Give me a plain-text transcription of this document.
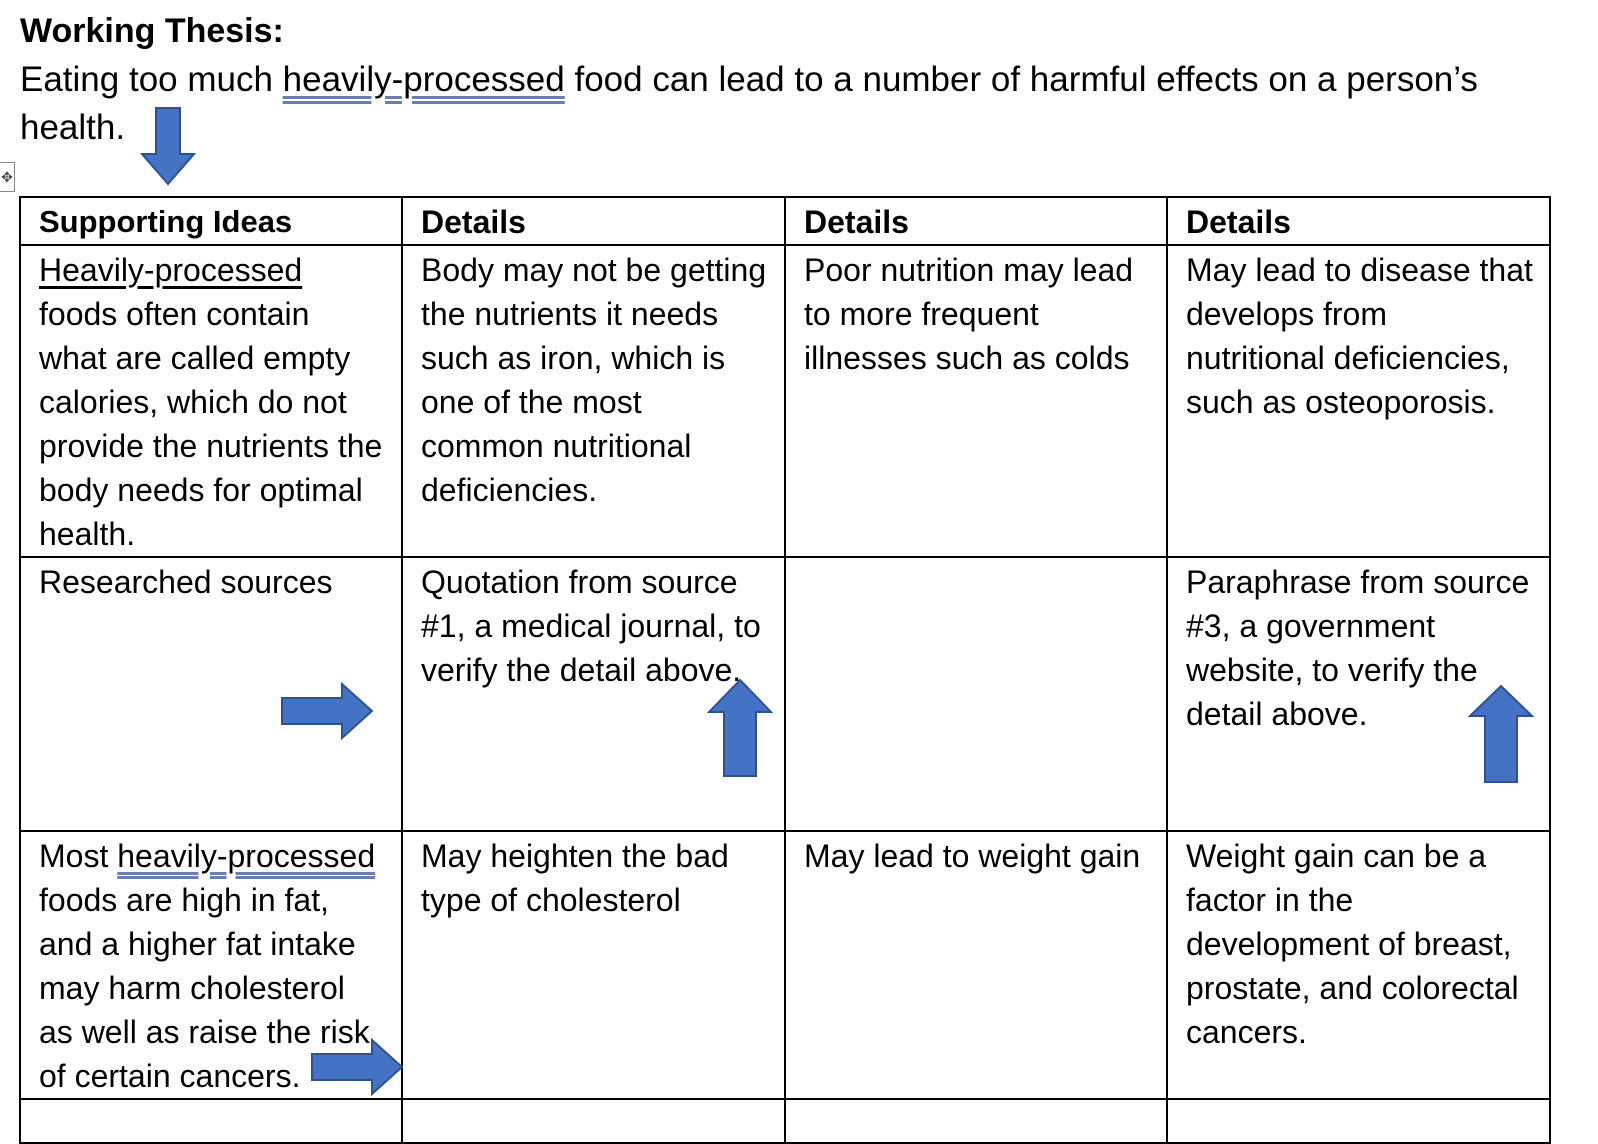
Working Thesis:

Eating too much heavily-processed food can lead to a number of harmful effects on a person’s health.

✥
Supporting Ideas	Details	Details	Details
Heavily-processed foods often contain what are called empty calories, which do not provide the nutrients the body needs for optimal health.	Body may not be getting the nutrients it needs such as iron, which is one of the most common nutritional deficiencies.	Poor nutrition may lead to more frequent illnesses such as colds	May lead to disease that develops from nutritional deficiencies, such as osteoporosis.
Researched sources	Quotation from source #1, a medical journal, to verify the detail above.		Paraphrase from source #3, a government website, to verify the detail above.
Most heavily-processed foods are high in fat, and a higher fat intake may harm cholesterol as well as raise the risk of certain cancers.	May heighten the bad type of cholesterol	May lead to weight gain	Weight gain can be a factor in the development of breast, prostate, and colorectal cancers.
